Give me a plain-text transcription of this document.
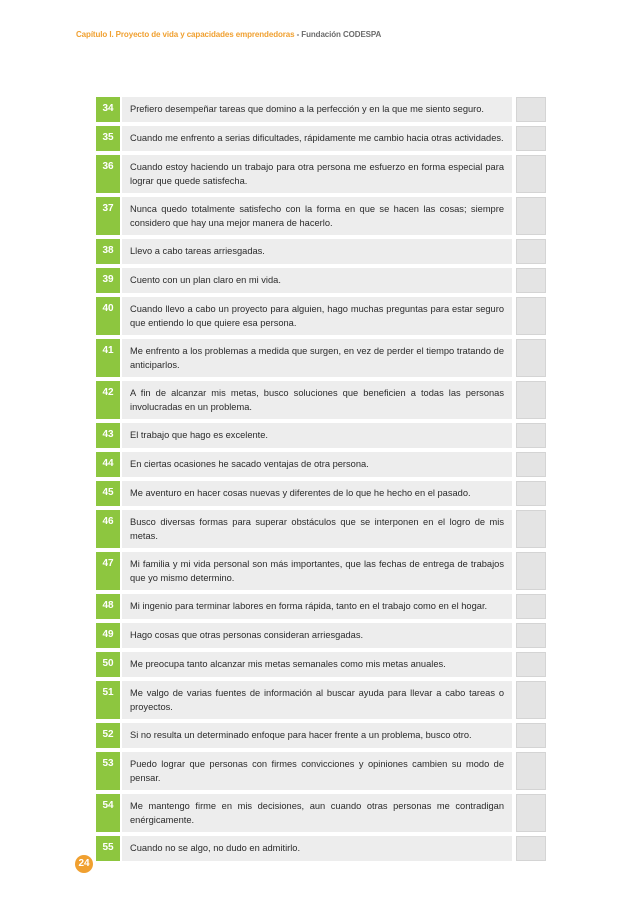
Capítulo I. Proyecto de vida y capacidades emprendedoras - Fundación CODESPA
34	Prefiero desempeñar tareas que domino a la perfección y en la que me siento seguro.
35	Cuando me enfrento a serias dificultades, rápidamente me cambio hacia otras actividades.
36	Cuando estoy haciendo un trabajo para otra persona me esfuerzo en forma especial para lograr que quede satisfecha.
37	Nunca quedo totalmente satisfecho con la forma en que se hacen las cosas; siempre considero que hay una mejor manera de hacerlo.
38	Llevo a cabo tareas arriesgadas.
39	Cuento con un plan claro en mi vida.
40	Cuando llevo a cabo un proyecto para alguien, hago muchas preguntas para estar seguro que entiendo lo que quiere esa persona.
41	Me enfrento a los problemas a medida que surgen, en vez de perder el tiempo tratando de anticiparlos.
42	A fin de alcanzar mis metas, busco soluciones que beneficien a todas las personas involucradas en un problema.
43	El trabajo que hago es excelente.
44	En ciertas ocasiones he sacado ventajas de otra persona.
45	Me aventuro en hacer cosas nuevas y diferentes de lo que he hecho en el pasado.
46	Busco diversas formas para superar obstáculos que se interponen en el logro de mis metas.
47	Mi familia y mi vida personal son más importantes, que las fechas de entrega de trabajos que yo mismo determino.
48	Mi ingenio para terminar labores en forma rápida, tanto en el trabajo como en el hogar.
49	Hago cosas que otras personas consideran arriesgadas.
50	Me preocupa tanto alcanzar mis metas semanales como mis metas anuales.
51	Me valgo de varias fuentes de información al buscar ayuda para llevar a cabo tareas o proyectos.
52	Si no resulta un determinado enfoque para hacer frente a un problema, busco otro.
53	Puedo lograr que personas con firmes convicciones y opiniones cambien su modo de pensar.
54	Me mantengo firme en mis decisiones, aun cuando otras personas me contradigan enérgicamente.
55	Cuando no se algo, no dudo en admitirlo.
24
